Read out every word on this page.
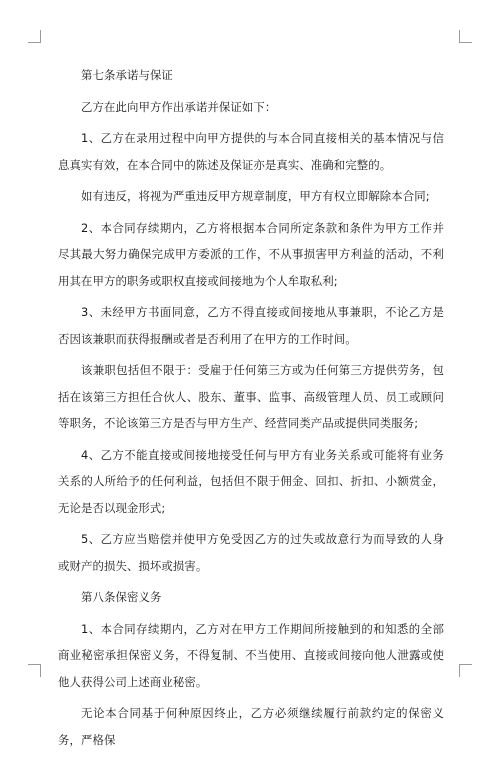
第七条承诺与保证

乙方在此向甲方作出承诺并保证如下：

1、乙方在录用过程中向甲方提供的与本合同直接相关的基本情况与信息真实有效，在本合同中的陈述及保证亦是真实、准确和完整的。

如有违反，将视为严重违反甲方规章制度，甲方有权立即解除本合同;

2、本合同存续期内，乙方将根据本合同所定条款和条件为甲方工作并尽其最大努力确保完成甲方委派的工作，不从事损害甲方利益的活动，不利用其在甲方的职务或职权直接或间接地为个人牟取私利;

3、未经甲方书面同意，乙方不得直接或间接地从事兼职，不论乙方是否因该兼职而获得报酬或者是否利用了在甲方的工作时间。

该兼职包括但不限于：受雇于任何第三方或为任何第三方提供劳务，包括在该第三方担任合伙人、股东、董事、监事、高级管理人员、员工或顾问等职务，不论该第三方是否与甲方生产、经营同类产品或提供同类服务;

4、乙方不能直接或间接地接受任何与甲方有业务关系或可能将有业务关系的人所给予的任何利益，包括但不限于佣金、回扣、折扣、小额赏金，无论是否以现金形式;

5、乙方应当赔偿并使甲方免受因乙方的过失或故意行为而导致的人身或财产的损失、损坏或损害。

第八条保密义务

1、本合同存续期内，乙方对在甲方工作期间所接触到的和知悉的全部商业秘密承担保密义务，不得复制、不当使用、直接或间接向他人泄露或使他人获得公司上述商业秘密。

无论本合同基于何种原因终止，乙方必须继续履行前款约定的保密义务，严格保
